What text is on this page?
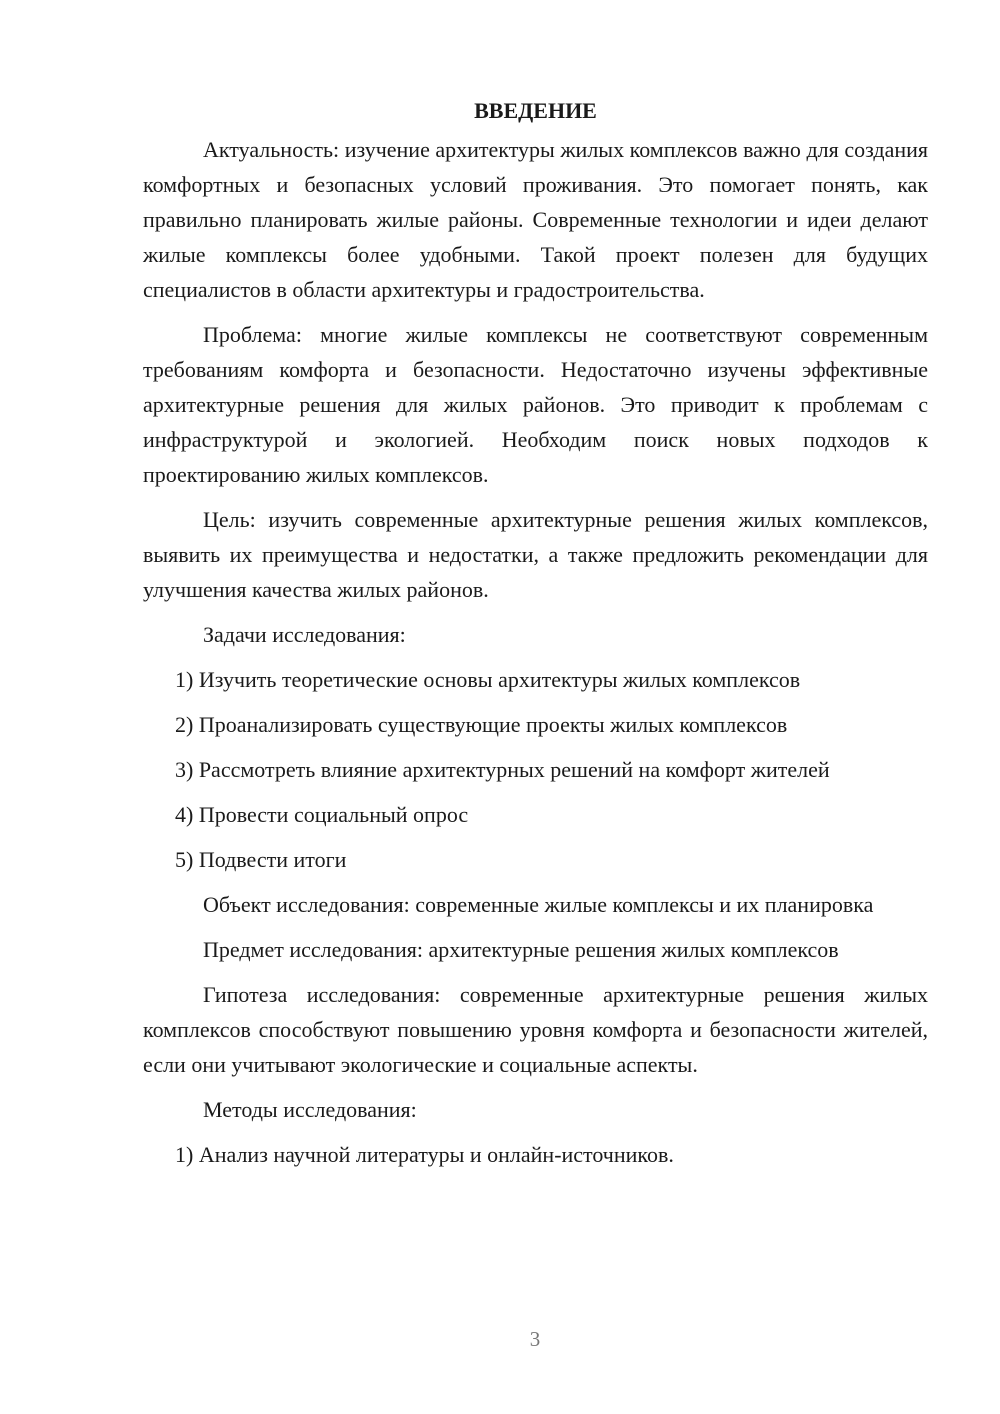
ВВЕДЕНИЕ

Актуальность: изучение архитектуры жилых комплексов важно для создания комфортных и безопасных условий проживания. Это помогает понять, как правильно планировать жилые районы. Современные технологии и идеи делают жилые комплексы более удобными. Такой проект полезен для будущих специалистов в области архитектуры и градостроительства.

Проблема: многие жилые комплексы не соответствуют современным требованиям комфорта и безопасности. Недостаточно изучены эффективные архитектурные решения для жилых районов. Это приводит к проблемам с инфраструктурой и экологией. Необходим поиск новых подходов к проектированию жилых комплексов.

Цель: изучить современные архитектурные решения жилых комплексов, выявить их преимущества и недостатки, а также предложить рекомендации для улучшения качества жилых районов.

Задачи исследования:

1) Изучить теоретические основы архитектуры жилых комплексов

2) Проанализировать существующие проекты жилых комплексов

3) Рассмотреть влияние архитектурных решений на комфорт жителей

4) Провести социальный опрос

5) Подвести итоги

Объект исследования: современные жилые комплексы и их планировка

Предмет исследования: архитектурные решения жилых комплексов

Гипотеза исследования: современные архитектурные решения жилых комплексов способствуют повышению уровня комфорта и безопасности жителей, если они учитывают экологические и социальные аспекты.

Методы исследования:

1) Анализ научной литературы и онлайн-источников.

3
